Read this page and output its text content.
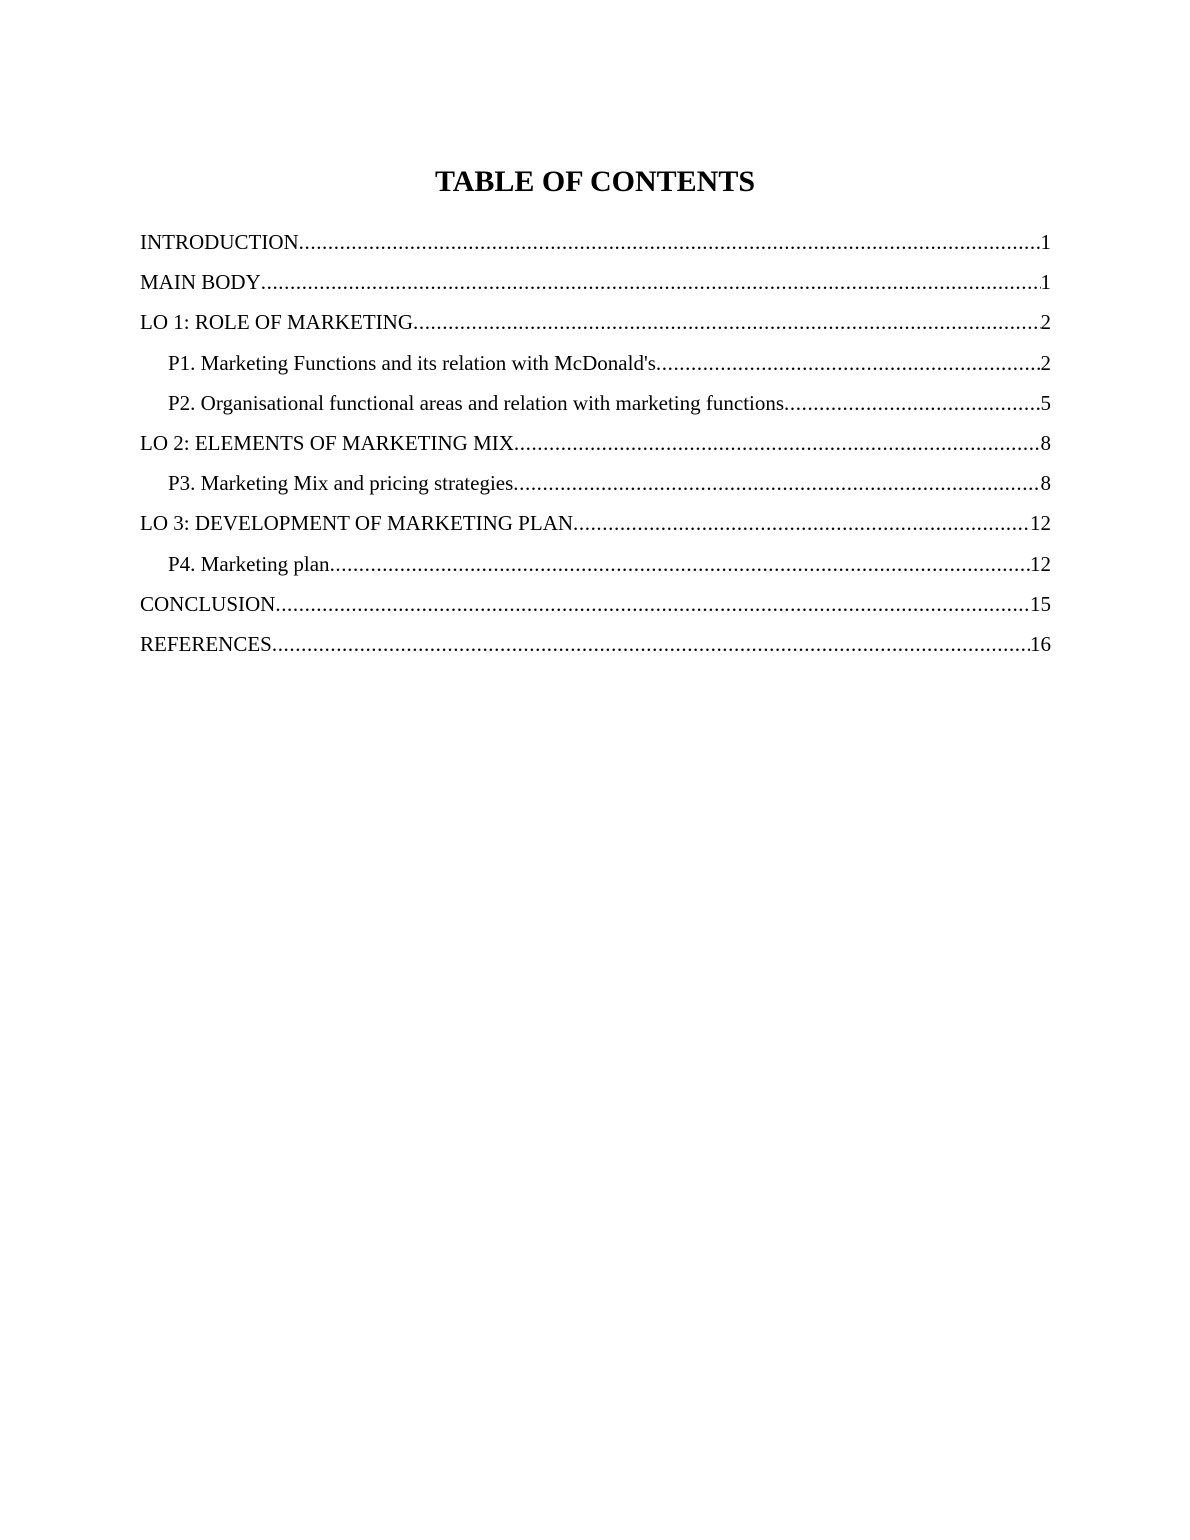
TABLE OF CONTENTS
INTRODUCTION .....	1
MAIN BODY .....	1
LO 1: ROLE OF MARKETING .....	2
P1. Marketing Functions and its relation with McDonald's .....	2
P2. Organisational functional areas and relation with marketing functions .....	5
LO 2: ELEMENTS OF MARKETING MIX .....	8
P3. Marketing Mix and pricing strategies .....	8
LO 3: DEVELOPMENT OF MARKETING PLAN .....	12
P4. Marketing plan .....	12
CONCLUSION .....	15
REFERENCES .....	16
